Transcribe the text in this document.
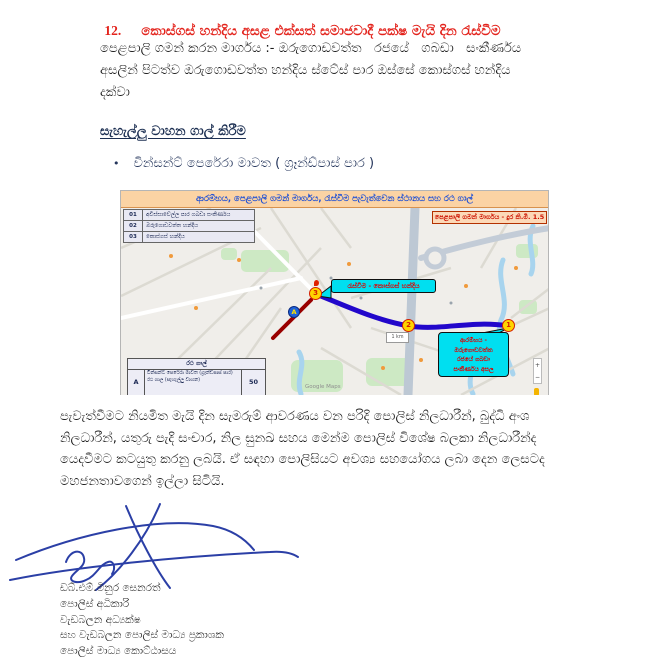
12. කොස්ගස් හන්දිය අසළ එක්සත් සමාජවාදී පක්ෂ මැයි දින රැස්වීම

පෙළපාලි ගමන් කරන මාර්ගය :- ඔරුගොඩවත්ත   රජයේ   ගබඩා   සංකීර්ණය
අසලින් පිටත්ව ඔරුගොඩවත්ත හන්දිය ස්ටේස් පාර ඔස්සේ කොස්ගස් හන්දිය
දක්වා
සැහැල්ලු වාහන ගාල් කිරීම
• වින්සන්ට් පෙරේරා මාවත ( ග්‍රෑන්ඩ්පාස් පාර )
ආරම්භය, පෙළපාලි ගමන් මාර්ගය, රැස්වීම පැවැත්වෙන ස්ථානය සහ රථ ගාල්
01	අවිස්සාවේල්ල පාර ගබඩා සංකීර්ණය
02	ඔරුගොඩවත්ත හන්දිය
03	කොස්ගස් හන්දිය
පෙළපාලි ගමන් මාර්ගය - දුර කි.මී. 1.5
රැස්වීම - කොස්ගස් හන්දිය
ආරම්භය -
ඔරුගොඩවත්ත
රජයේ ගබඩා
සංකීර්ණය අසල
3
2	1
A
1 km
Google Maps
+
−
රථ ගාල්
A
වින්සන්ට් පෙරේරා මාවත (ග්‍රෑන්ඩ්පාස් පාර) රථ ගාල (සැහැල්ලු වාහන)	50
පැවැත්වීමට නියමිත මැයි දින සැමරුම් ආවරණය වන පරිදි පොලිස් නිලධාරීන්, බුද්ධි අංශ
නිලධාරීන්, යතුරු පැදි සංචාර, නිල සුනඛ සහය මෙන්ම පොලිස් විශේෂ බලකා නිලධාරීන්ද
යෙදවීමට කටයුතු කරනු ලබයි. ඒ සඳහා පොලිසියට අවශ්‍ය සහයෝගය ලබා දෙන ලෙසටද
මහජනතාවගෙන් ඉල්ලා සිටියි.
ඩබ්.එම්.මිනුර සෙනරත්
පොලිස් අධිකාරි
වැඩබලන අධ්‍යක්ෂ
සහ වැඩබලන පොලිස් මාධ්‍ය ප්‍රකාශක
පොලිස් මාධ්‍ය කොට්ඨාසය
